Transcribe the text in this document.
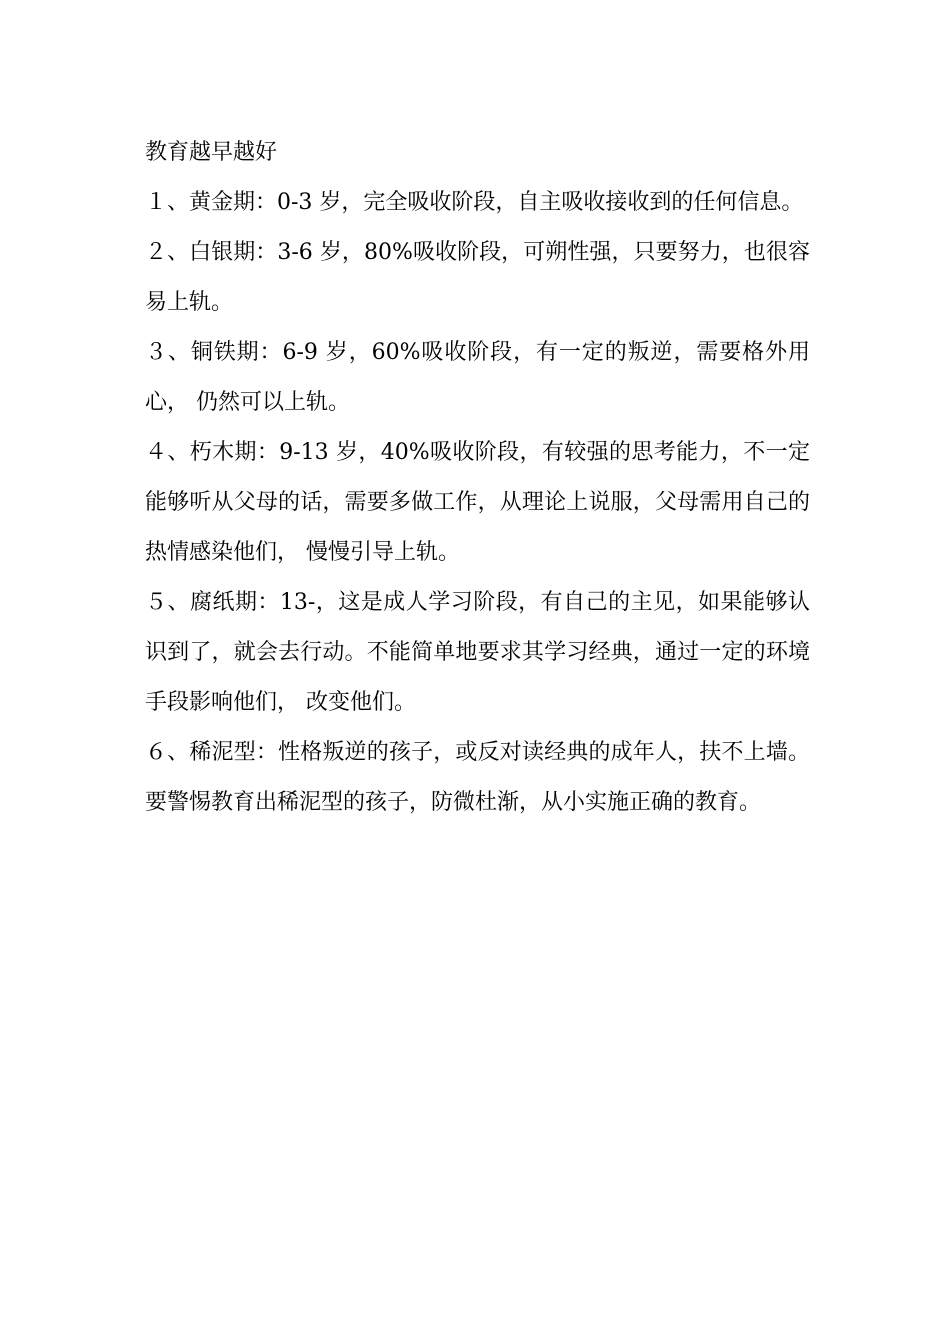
教育越早越好

１、黄金期：0-3 岁，完全吸收阶段，自主吸收接收到的任何信息。

２、白银期：3-6 岁，80%吸收阶段，可朔性强，只要努力，也很容易上轨。

３、铜铁期：6-9 岁，60%吸收阶段，有一定的叛逆，需要格外用心， 仍然可以上轨。

４、朽木期：9-13 岁，40%吸收阶段，有较强的思考能力，不一定能够听从父母的话，需要多做工作，从理论上说服，父母需用自己的热情感染他们， 慢慢引导上轨。

５、腐纸期：13-，这是成人学习阶段，有自己的主见，如果能够认识到了，就会去行动。不能简单地要求其学习经典，通过一定的环境手段影响他们， 改变他们。

６、稀泥型：性格叛逆的孩子，或反对读经典的成年人，扶不上墙。要警惕教育出稀泥型的孩子，防微杜渐，从小实施正确的教育。
